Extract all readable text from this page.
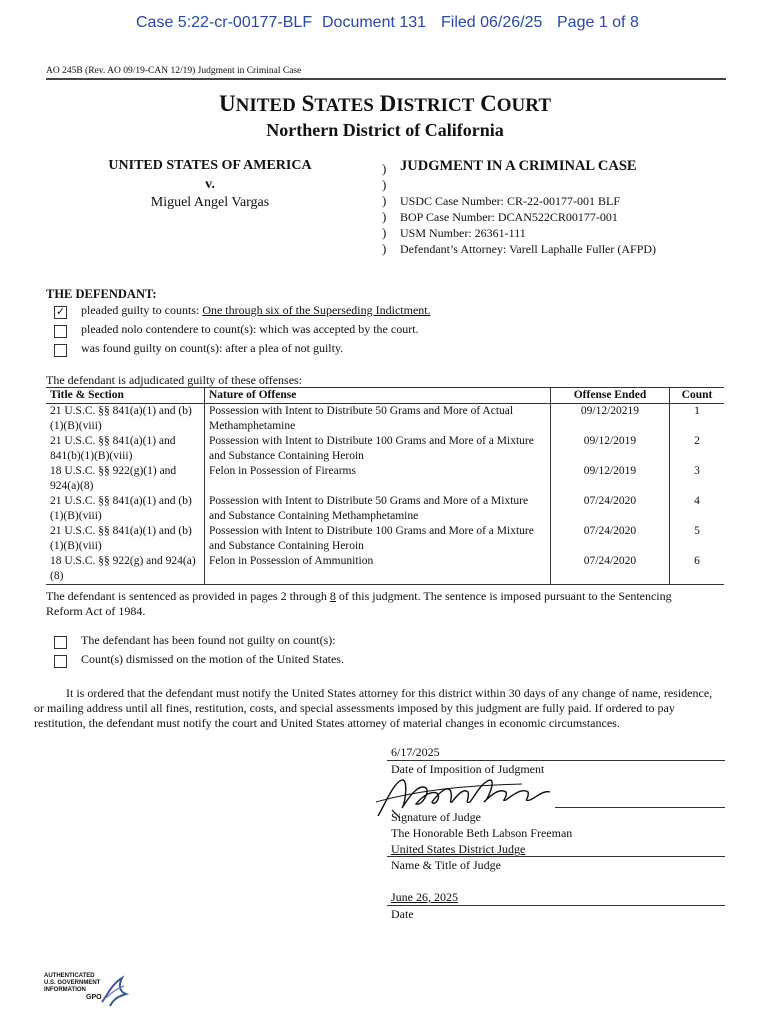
Case 5:22-cr-00177-BLF Document 131 Filed 06/26/25 Page 1 of 8
AO 245B (Rev. AO 09/19-CAN 12/19) Judgment in Criminal Case
UNITED STATES DISTRICT COURT
Northern District of California
UNITED STATES OF AMERICA
v.
Miguel Angel Vargas
)
)
)
)
)
)
JUDGMENT IN A CRIMINAL CASE
USDC Case Number: CR-22-00177-001 BLF
BOP Case Number: DCAN522CR00177-001
USM Number: 26361-111
Defendant’s Attorney: Varell Laphalle Fuller (AFPD)
THE DEFENDANT:
✓ pleaded guilty to counts: One through six of the Superseding Indictment.
pleaded nolo contendere to count(s): which was accepted by the court.
was found guilty on count(s): after a plea of not guilty.
The defendant is adjudicated guilty of these offenses:
Title & Section	Nature of Offense	Offense Ended	Count
21 U.S.C. §§ 841(a)(1) and (b)(1)(B)(viii)	Possession with Intent to Distribute 50 Grams and More of Actual Methamphetamine	09/12/20219	1
21 U.S.C. §§ 841(a)(1) and 841(b)(1)(B)(viii)	Possession with Intent to Distribute 100 Grams and More of a Mixture and Substance Containing Heroin	09/12/2019	2
18 U.S.C. §§ 922(g)(1) and 924(a)(8)	Felon in Possession of Firearms	09/12/2019	3
21 U.S.C. §§ 841(a)(1) and (b)(1)(B)(viii)	Possession with Intent to Distribute 50 Grams and More of a Mixture and Substance Containing Methamphetamine	07/24/2020	4
21 U.S.C. §§ 841(a)(1) and (b)(1)(B)(viii)	Possession with Intent to Distribute 100 Grams and More of a Mixture and Substance Containing Heroin	07/24/2020	5
18 U.S.C. §§ 922(g) and 924(a)(8)	Felon in Possession of Ammunition	07/24/2020	6
The defendant is sentenced as provided in pages 2 through 8 of this judgment. The sentence is imposed pursuant to the Sentencing
Reform Act of 1984.
The defendant has been found not guilty on count(s):
Count(s) dismissed on the motion of the United States.
It is ordered that the defendant must notify the United States attorney for this district within 30 days of any change of name, residence,
or mailing address until all fines, restitution, costs, and special assessments imposed by this judgment are fully paid. If ordered to pay
restitution, the defendant must notify the court and United States attorney of material changes in economic circumstances.
6/17/2025
Date of Imposition of Judgment
Signature of Judge
The Honorable Beth Labson Freeman
United States District Judge
Name & Title of Judge
June 26, 2025
Date
AUTHENTICATED
U.S. GOVERNMENT
INFORMATION
GPO
